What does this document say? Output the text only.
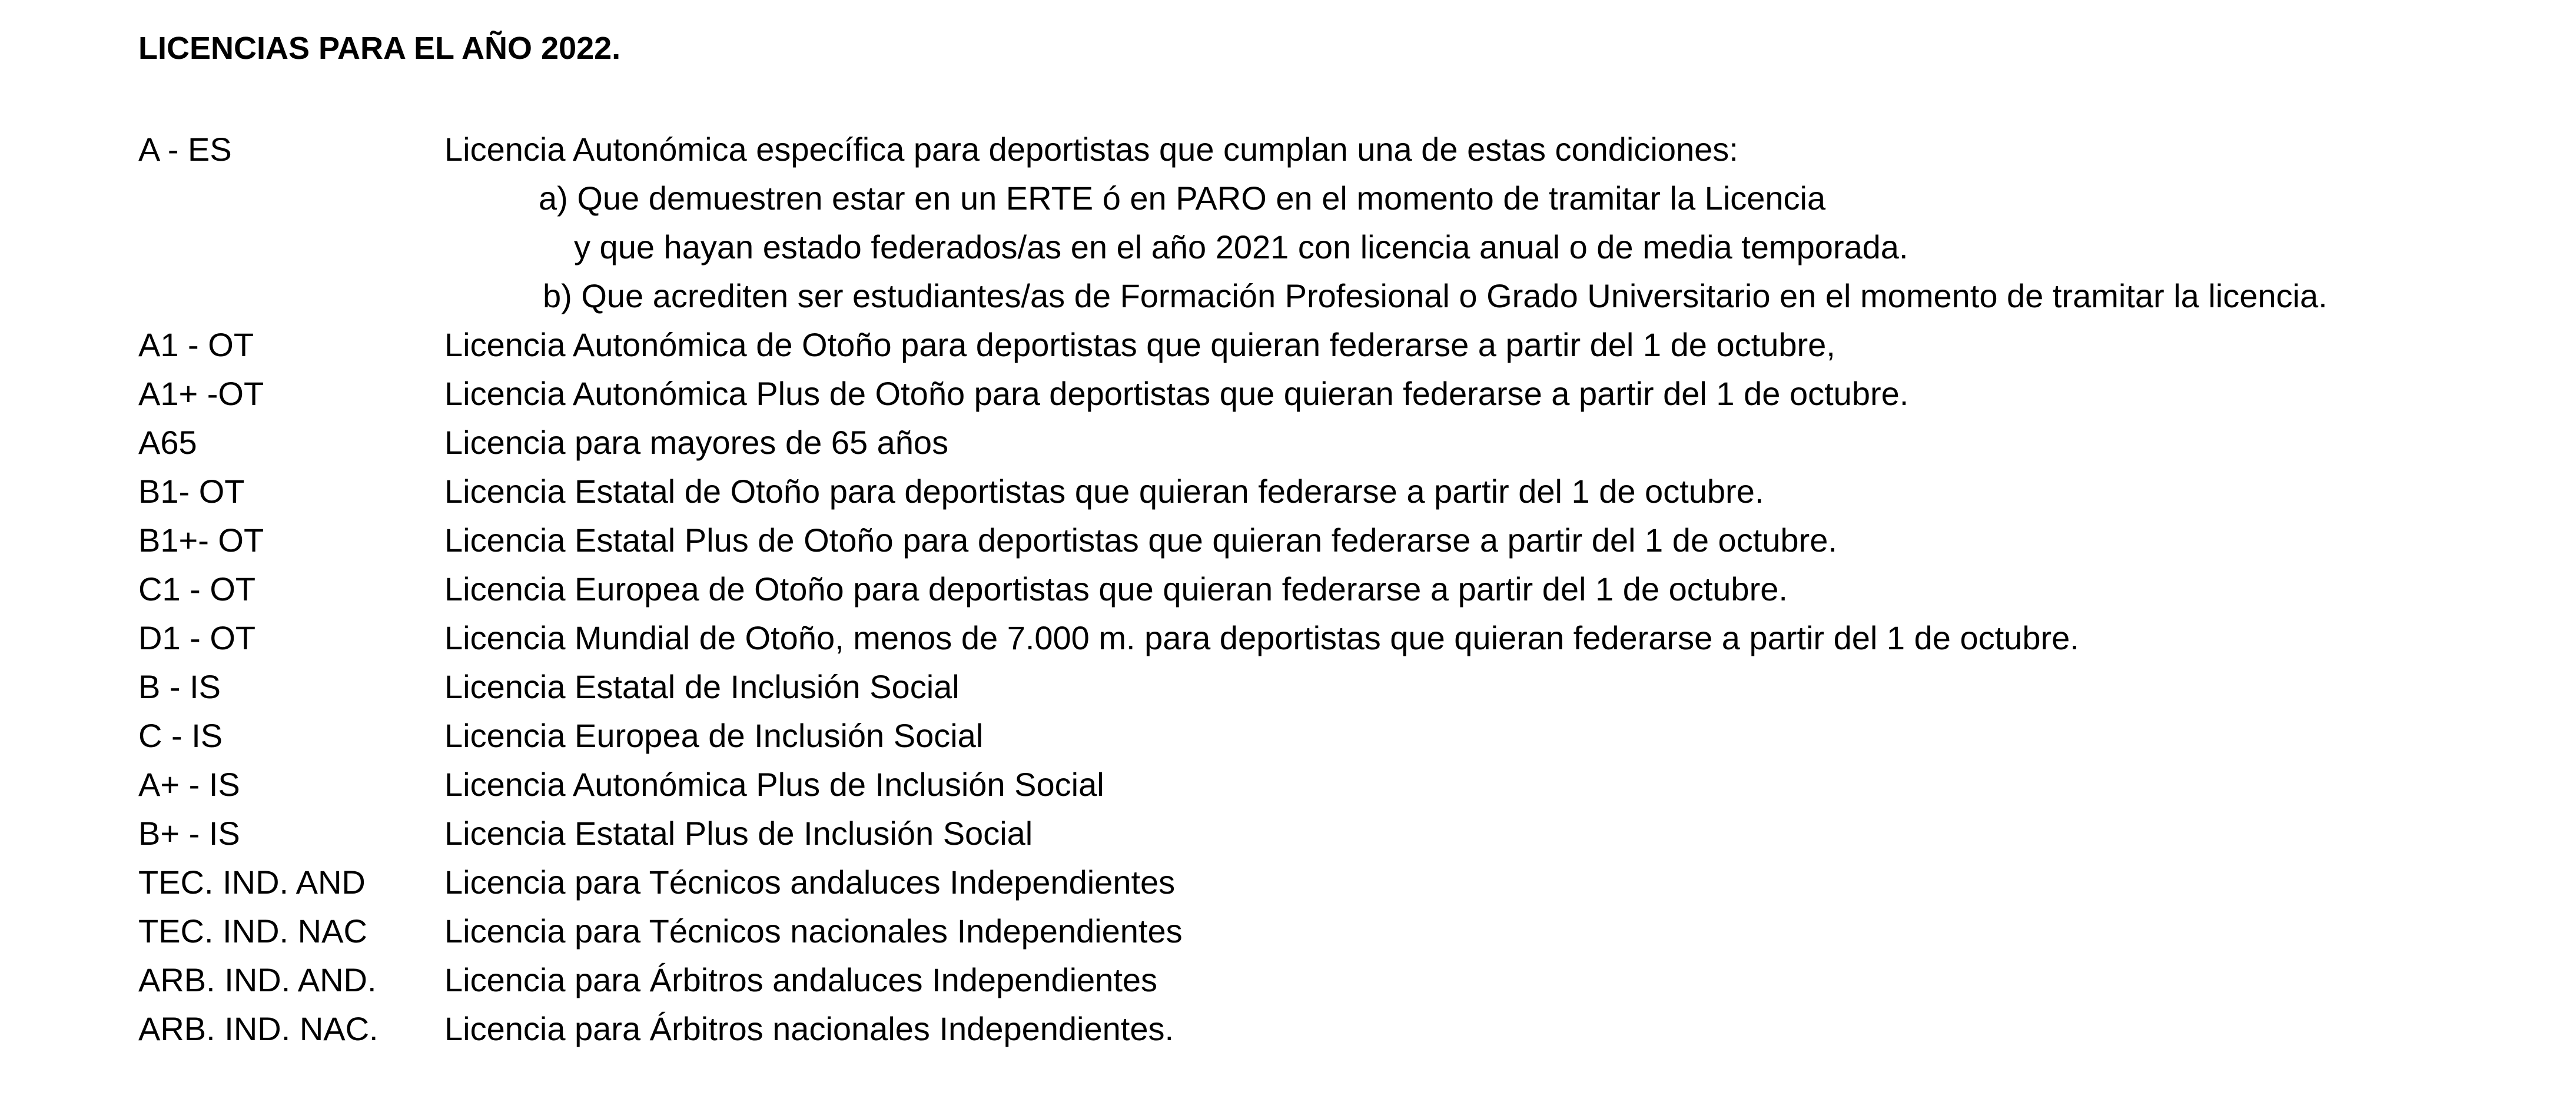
LICENCIAS PARA EL AÑO 2022.
A - ES	Licencia Autonómica específica para deportistas que cumplan una de estas condiciones:
a) Que demuestren estar en un ERTE ó en PARO en el momento de tramitar la Licencia
y que hayan estado federados/as en el año 2021 con licencia anual o de media temporada.
b) Que acrediten ser estudiantes/as de Formación Profesional o Grado Universitario en el momento de tramitar la licencia.
A1 - OT	Licencia Autonómica de Otoño para deportistas que quieran federarse a partir del 1 de octubre,
A1+ -OT	Licencia Autonómica Plus de Otoño para deportistas que quieran federarse a partir del 1 de octubre.
A65	Licencia para mayores de 65 años
B1- OT	Licencia Estatal de Otoño para deportistas que quieran federarse a partir del 1 de octubre.
B1+- OT	Licencia Estatal Plus de Otoño para deportistas que quieran federarse a partir del 1 de octubre.
C1 - OT	Licencia Europea de Otoño para deportistas que quieran federarse a partir del 1 de octubre.
D1 - OT	Licencia Mundial de Otoño, menos de 7.000 m. para deportistas que quieran federarse a partir del 1 de octubre.
B - IS	Licencia Estatal de Inclusión Social
C - IS	Licencia Europea de Inclusión Social
A+ - IS	Licencia Autonómica Plus de Inclusión Social
B+ - IS	Licencia Estatal Plus de Inclusión Social
TEC. IND. AND Licencia para Técnicos andaluces Independientes
TEC. IND. NAC Licencia para Técnicos nacionales Independientes
ARB. IND. AND. Licencia para Árbitros andaluces Independientes
ARB. IND. NAC. Licencia para Árbitros nacionales Independientes.
